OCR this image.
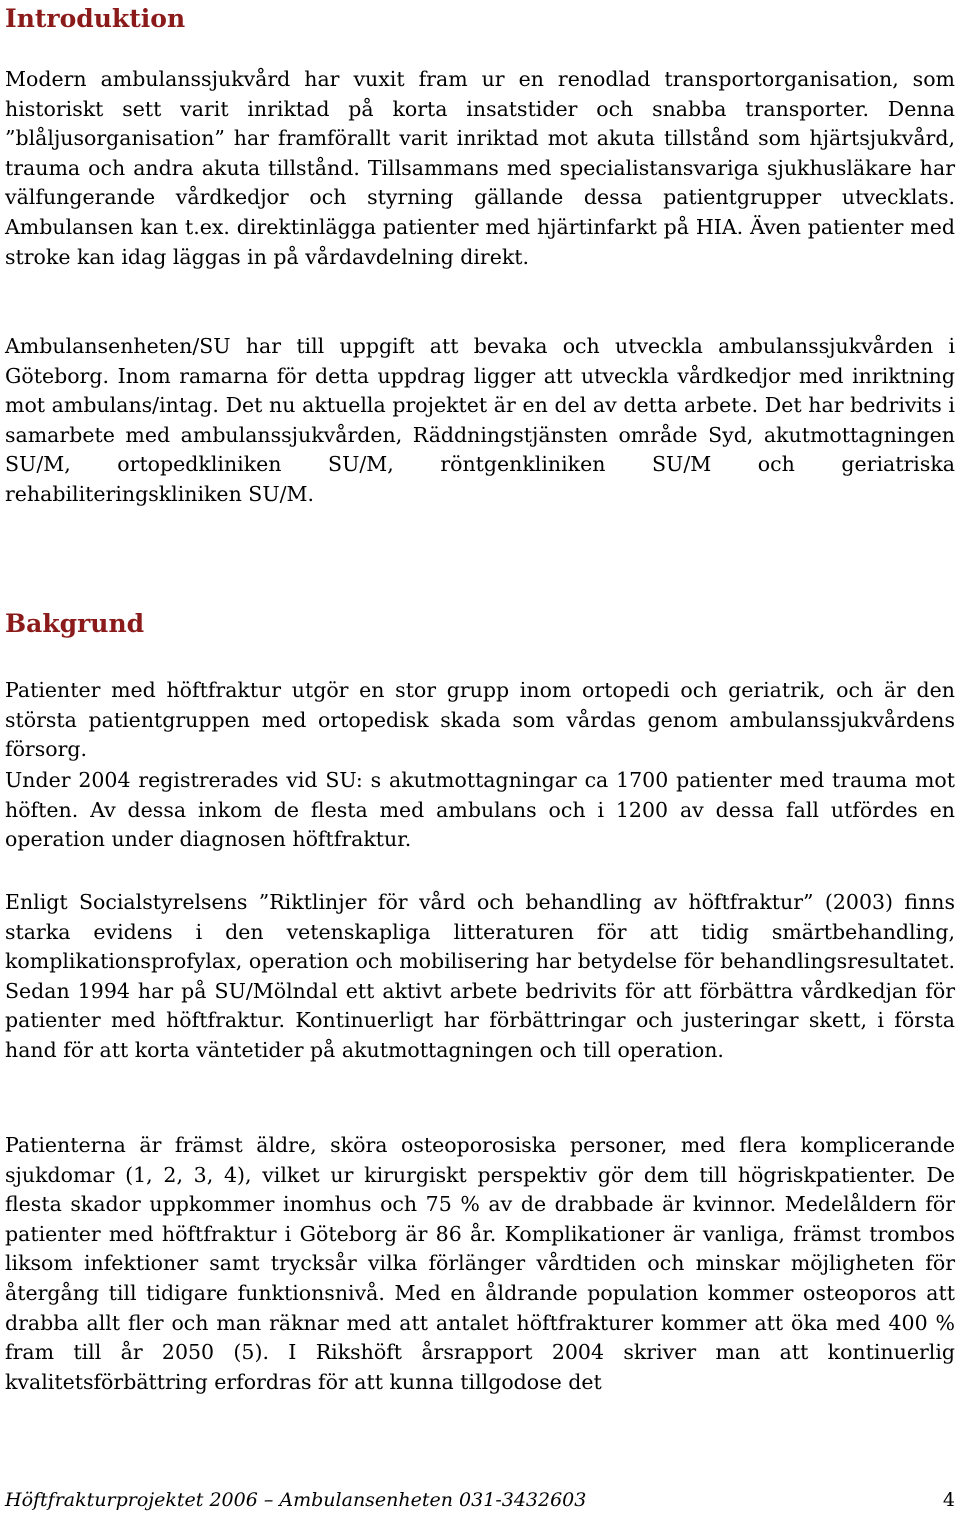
Introduktion

Modern ambulanssjukvård har vuxit fram ur en renodlad transportorganisation, som historiskt sett varit inriktad på korta insatstider och snabba transporter. Denna ”blåljusorganisation” har framförallt varit inriktad mot akuta tillstånd som hjärtsjukvård, trauma och andra akuta tillstånd. Tillsammans med specialistansvariga sjukhusläkare har välfungerande vårdkedjor och styrning gällande dessa patientgrupper utvecklats. Ambulansen kan t.ex. direktinlägga patienter med hjärtinfarkt på HIA. Även patienter med stroke kan idag läggas in på vårdavdelning direkt.

Ambulansenheten/SU har till uppgift att bevaka och utveckla ambulanssjukvården i Göteborg. Inom ramarna för detta uppdrag ligger att utveckla vårdkedjor med inriktning mot ambulans/intag. Det nu aktuella projektet är en del av detta arbete. Det har bedrivits i samarbete med ambulanssjukvården, Räddningstjänsten område Syd, akutmottagningen SU/M, ortopedkliniken SU/M, röntgenkliniken SU/M och geriatriska rehabiliteringskliniken SU/M.

Bakgrund

Patienter med höftfraktur utgör en stor grupp inom ortopedi och geriatrik, och är den största patientgruppen med ortopedisk skada som vårdas genom ambulanssjukvårdens försorg.

Under 2004 registrerades vid SU: s akutmottagningar ca 1700 patienter med trauma mot höften. Av dessa inkom de flesta med ambulans och i 1200 av dessa fall utfördes en operation under diagnosen höftfraktur.

Enligt Socialstyrelsens ”Riktlinjer för vård och behandling av höftfraktur” (2003) finns starka evidens i den vetenskapliga litteraturen för att tidig smärtbehandling, komplikationsprofylax, operation och mobilisering har betydelse för behandlingsresultatet. Sedan 1994 har på SU/Mölndal ett aktivt arbete bedrivits för att förbättra vårdkedjan för patienter med höftfraktur. Kontinuerligt har förbättringar och justeringar skett, i första hand för att korta väntetider på akutmottagningen och till operation.

Patienterna är främst äldre, sköra osteoporosiska personer, med flera komplicerande sjukdomar (1, 2, 3, 4), vilket ur kirurgiskt perspektiv gör dem till högriskpatienter. De flesta skador uppkommer inomhus och 75 % av de drabbade är kvinnor. Medelåldern för patienter med höftfraktur i Göteborg är 86 år. Komplikationer är vanliga, främst trombos liksom infektioner samt trycksår vilka förlänger vårdtiden och minskar möjligheten för återgång till tidigare funktionsnivå. Med en åldrande population kommer osteoporos att drabba allt fler och man räknar med att antalet höftfrakturer kommer att öka med 400 % fram till år 2050 (5). I Rikshöft årsrapport 2004 skriver man att kontinuerlig kvalitetsförbättring erfordras för att kunna tillgodose det

Höftfrakturprojektet 2006 – Ambulansenheten 031-3432603	4
